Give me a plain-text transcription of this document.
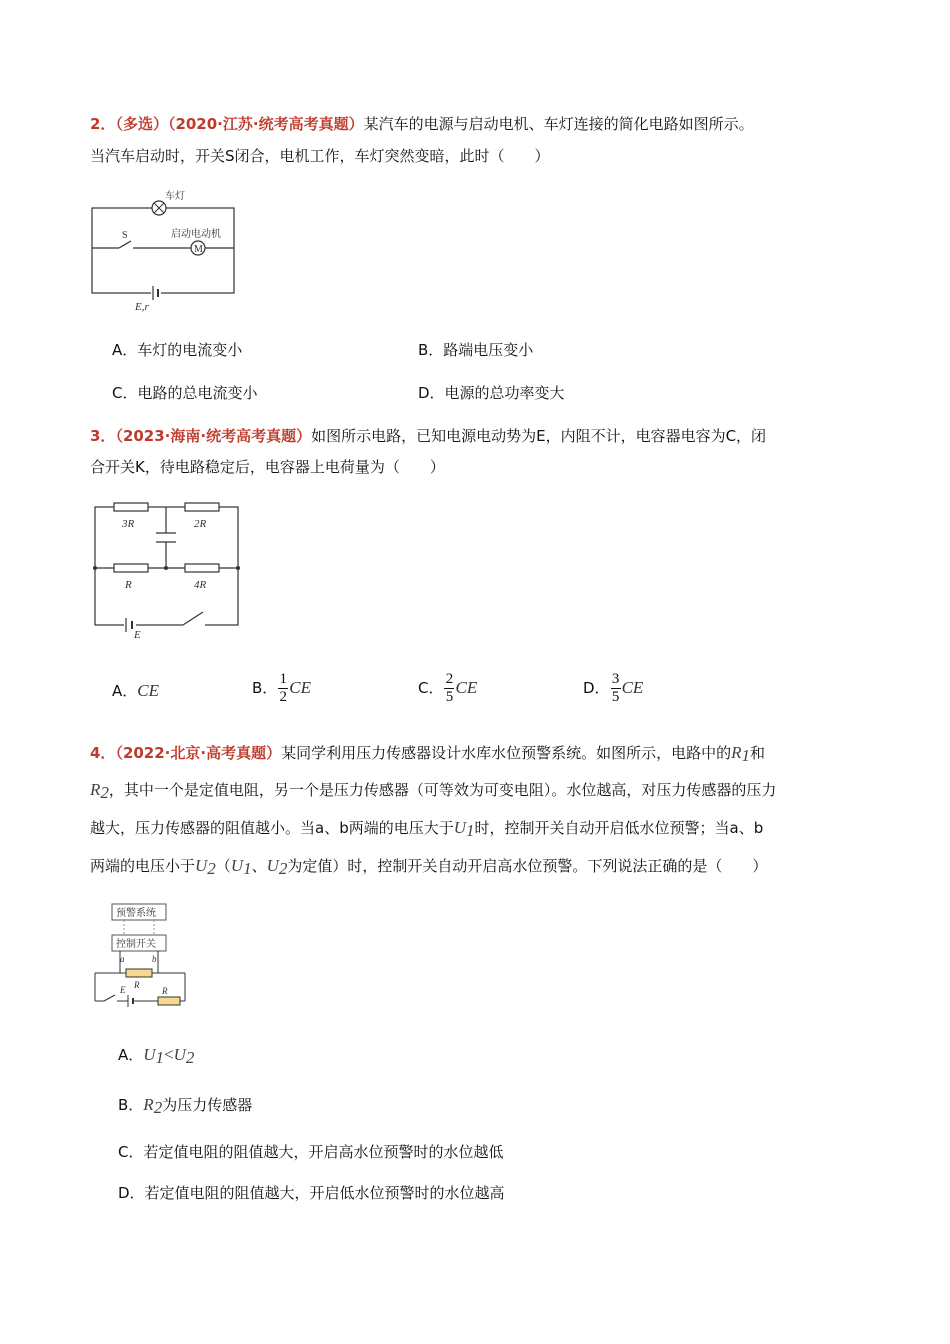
2．（多选）（2020·江苏·统考高考真题）某汽车的电源与启动电机、车灯连接的简化电路如图所示。
当汽车启动时，开关S闭合，电机工作，车灯突然变暗，此时（　　）
车灯
S
M
启动电动机
E,r
A．车灯的电流变小	B．路端电压变小
C．电路的总电流变小	D．电源的总功率变大
3．（2023·海南·统考高考真题）如图所示电路，已知电源电动势为E，内阻不计，电容器电容为C，闭
合开关K，待电路稳定后，电容器上电荷量为（　　）
3R	2R
R	4R
E
A．CE	B． $\frac{1}{2}$ CE	C． $\frac{2}{5}$ CE	D． $\frac{3}{5}$ CE
4．（2022·北京·高考真题）某同学利用压力传感器设计水库水位预警系统。如图所示，电路中的R1和
R2，其中一个是定值电阻，另一个是压力传感器（可等效为可变电阻）。水位越高，对压力传感器的压力
越大，压力传感器的阻值越小。当a、b两端的电压大于U1时，控制开关自动开启低水位预警；当a、b
两端的电压小于U2（U1、U2为定值）时，控制开关自动开启高水位预警。下列说法正确的是（　　）
预警系统
控制开关
a	b
R
E	R
A．U1<U2
B．R2为压力传感器
C．若定值电阻的阻值越大，开启高水位预警时的水位越低
D．若定值电阻的阻值越大，开启低水位预警时的水位越高
